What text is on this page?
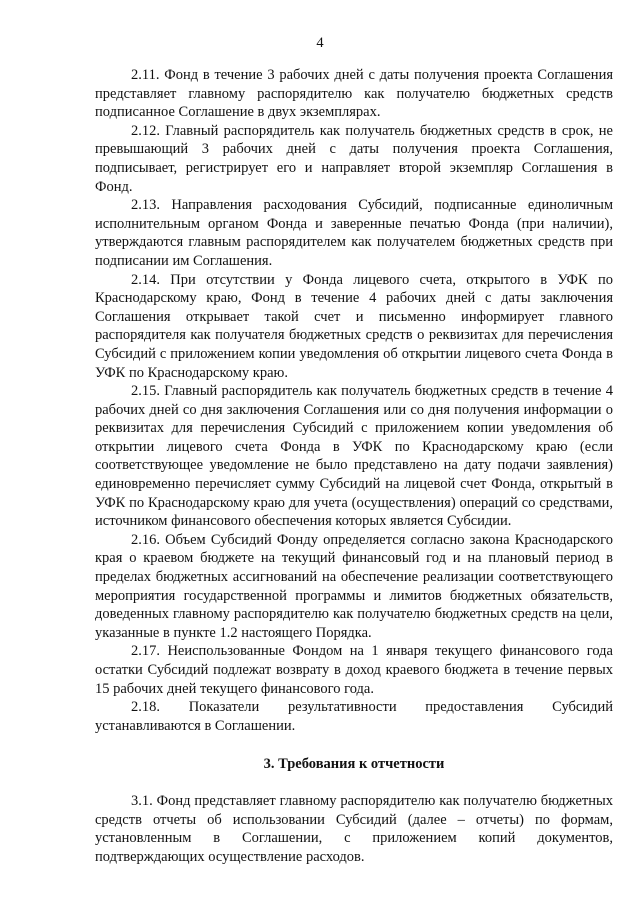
4

2.11. Фонд в течение 3 рабочих дней с даты получения проекта Соглашения представляет главному распорядителю как получателю бюджетных средств подписанное Соглашение в двух экземплярах.

2.12. Главный распорядитель как получатель бюджетных средств в срок, не превышающий 3 рабочих дней с даты получения проекта Соглашения, подписывает, регистрирует его и направляет второй экземпляр Соглашения в Фонд.

2.13. Направления расходования Субсидий, подписанные единоличным исполнительным органом Фонда и заверенные печатью Фонда (при наличии), утверждаются главным распорядителем как получателем бюджетных средств при подписании им Соглашения.

2.14. При отсутствии у Фонда лицевого счета, открытого в УФК по Краснодарскому краю, Фонд в течение 4 рабочих дней с даты заключения Соглашения открывает такой счет и письменно информирует главного распорядителя как получателя бюджетных средств о реквизитах для перечисления Субсидий с приложением копии уведомления об открытии лицевого счета Фонда в УФК по Краснодарскому краю.

2.15. Главный распорядитель как получатель бюджетных средств в течение 4 рабочих дней со дня заключения Соглашения или со дня получения информации о реквизитах для перечисления Субсидий с приложением копии уведомления об открытии лицевого счета Фонда в УФК по Краснодарскому краю (если соответствующее уведомление не было представлено на дату подачи заявления) единовременно перечисляет сумму Субсидий на лицевой счет Фонда, открытый в УФК по Краснодарскому краю для учета (осуществления) операций со средствами, источником финансового обеспечения которых является Субсидии.

2.16. Объем Субсидий Фонду определяется согласно закона Краснодарского края о краевом бюджете на текущий финансовый год и на плановый период в пределах бюджетных ассигнований на обеспечение реализации соответствующего мероприятия государственной программы и лимитов бюджетных обязательств, доведенных главному распорядителю как получателю бюджетных средств на цели, указанные в пункте 1.2 настоящего Порядка.

2.17. Неиспользованные Фондом на 1 января текущего финансового года остатки Субсидий подлежат возврату в доход краевого бюджета в течение первых 15 рабочих дней текущего финансового года.

2.18. Показатели результативности предоставления Субсидий устанавливаются в Соглашении.

3. Требования к отчетности

3.1. Фонд представляет главному распорядителю как получателю бюджетных средств отчеты об использовании Субсидий (далее – отчеты) по формам, установленным в Соглашении, с приложением копий документов, подтверждающих осуществление расходов.
